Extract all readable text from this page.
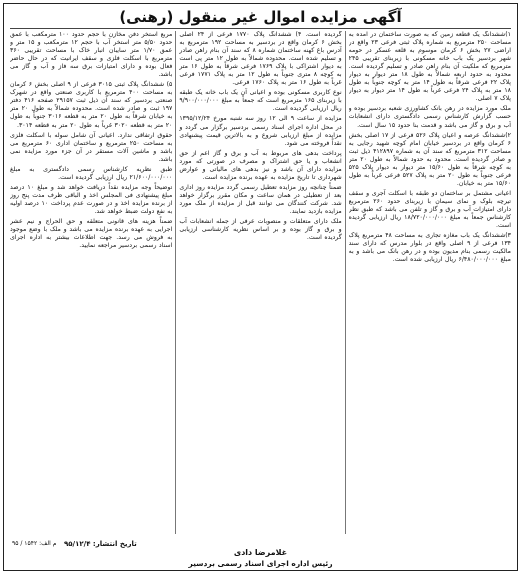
آگهی مزایده اموال غیر منقول (رهنی)

۱)ششدانگ یک قطعه زمین که به صورت ساختمان در آمده به مساحت ۲۵۰ مترمربع به شماره پلاک ثبتی فرعی ۲۳ واقع در اراضی ۲۷ بخش ۶ کرمان موسوم به قلعه عسکر در حومه شهر بردسیر یک باب خانه مسکونی با زیربنای تقریبی ۲۴۵ مترمربع که ملکیت آن بنام راهن صادر و تسلیم گردیده است. محدود به حدود اربعه شمالاً به طول ۱۸ متر دیوار به دیوار پلاک ۲۲ فرعی شرقاً به طول ۱۴ متر به کوچه جنوباً به طول ۱۸ متر به پلاک ۲۴ فرعی غرباً به طول ۱۴ متر دیوار به دیوار پلاک ۷ اصلی.

ملک مورد مزایده در رهن بانک کشاورزی شعبه بردسیر بوده و حسب گزارش کارشناس رسمی دادگستری دارای انشعابات آب و برق و گاز می باشد و قدمت بنا حدود ۱۵ سال است.

۲)ششدانگ عرصه و اعیان پلاک ۵۲۶ فرعی از ۱۷ اصلی بخش ۶ کرمان واقع در بردسیر خیابان امام کوچه شهید رجایی به مساحت ۳۱۲ مترمربع که سند آن به شماره ۴۱۲۸۹۷ ذیل ثبت و صادر گردیده است. محدود به حدود شمالاً به طول ۲۰ متر به کوچه شرقاً به طول ۱۵/۶۰ متر دیوار به دیوار پلاک ۵۲۵ فرعی جنوباً به طول ۲۰ متر به پلاک ۵۲۷ فرعی غرباً به طول ۱۵/۶۰ متر به خیابان.

اعیانی مشتمل بر ساختمان دو طبقه با اسکلت آجری و سقف تیرچه بلوک و نمای سیمان با زیربنای حدود ۲۶۰ مترمربع دارای امتیازات آب و برق و گاز و تلفن می باشد که طبق نظر کارشناس جمعاً به مبلغ ۱۸/۷۲۰/۰۰۰/۰۰۰ ریال ارزیابی گردیده است.

۳)ششدانگ یک باب مغازه تجاری به مساحت ۴۸ مترمربع پلاک ۱۳۴ فرعی از ۹ اصلی واقع در بلوار مدرس که دارای سند مالکیت رسمی بنام مدیون بوده و در رهن بانک می باشد و به مبلغ ۶/۴۸۰/۰۰۰/۰۰۰ ریال ارزیابی شده است.

گردیده است. ۴) ششدانگ پلاک ۱۷۷۰ فرعی از ۲۴ اصلی بخش ۶ کرمان واقع در بردسیر به مساحت ۱۹۲ مترمربع به آدرس باغ کهنه ساختمان شماره ۸ که سند آن بنام راهن صادر و تسلیم شده است. محدوده شمالاً به طول ۱۲ متر پی است به دیوار اشتراکی با پلاک ۱۷۶۹ فرعی شرقاً به طول ۱۶ متر به کوچه ۸ متری جنوباً به طول ۱۲ متر به پلاک ۱۷۷۱ فرعی غرباً به طول ۱۶ متر به پلاک ۱۷۶۰ فرعی.

نوع کاربری مسکونی بوده و اعیانی آن یک باب خانه یک طبقه با زیربنای ۱۶۵ مترمربع است که جمعاً به مبلغ ۹/۹۰۰/۰۰۰/۰۰۰ ریال ارزیابی گردیده است.

مزایده از ساعت ۹ الی ۱۲ روز سه شنبه مورخ ۱۳۹۵/۱۲/۲۴ در محل اداره اجرای اسناد رسمی بردسیر برگزار می گردد و مزایده از مبلغ ارزیابی شروع و به بالاترین قیمت پیشنهادی نقداً فروخته می شود.

پرداخت بدهی های مربوط به آب و برق و گاز اعم از حق انشعاب و یا حق اشتراک و مصرف در صورتی که مورد مزایده دارای آن باشد و نیز بدهی های مالیاتی و عوارض شهرداری تا تاریخ مزایده به عهده برنده مزایده است.

ضمناً چنانچه روز مزایده تعطیل رسمی گردد مزایده روز اداری بعد از تعطیلی در همان ساعت و مکان مقرر برگزار خواهد شد. شرکت کنندگان می توانند قبل از مزایده از ملک مورد مزایده بازدید نمایند.

ملک دارای متعلقات و منصوبات عرفی از جمله انشعابات آب و برق و گاز بوده و بر اساس نظریه کارشناسی ارزیابی گردیده است.

مربع استخر دفن مخازن با حجم حدود ۱۰۰ مترمکعب با عمق حدود ۵/۵۰ متر استخر آب با حجم ۱۲ مترمکعب و ۱۵ متر و عمق ۱/۷۰ متر سایبان انبار خاک با مساحت تقریبی ۳۶۰ مترمربع با اسکلت فلزی و سقف ایرانیت که در حال حاضر فعال بوده و دارای امتیازات برق سه فاز و آب و گاز می باشد.

۵) ششدانگ پلاک ثبتی ۳۰۱۵ فرعی از ۹ اصلی بخش ۶ کرمان به مساحت ۴۰۰ مترمربع با کاربری صنعتی واقع در شهرک صنعتی بردسیر که سند آن ذیل ثبت ۲۹۱۵۷ صفحه ۴۱۶ دفتر ۱۹۷ ثبت و صادر شده است. محدوده شمالاً به طول ۲۰ متر به خیابان شرقاً به طول ۲۰ متر به قطعه ۳۰۱۶ جنوباً به طول ۲۰ متر به قطعه ۳۰۲۰ غرباً به طول ۲۰ متر به قطعه ۳۰۱۴.

حقوق ارتفاقی ندارد. اعیانی آن شامل سوله با اسکلت فلزی به مساحت ۲۵۰ مترمربع و ساختمان اداری ۶۰ مترمربع می باشد و ماشین آلات مستقر در آن جزء مورد مزایده نمی باشد.

طبق نظریه کارشناس رسمی دادگستری به مبلغ ۲۱/۶۰۰/۰۰۰/۰۰۰ ریال ارزیابی گردیده است.

توضیحاً وجه مزایده نقداً دریافت خواهد شد و مبلغ ۱۰ درصد مبلغ پیشنهادی فی المجلس اخذ و الباقی ظرف مدت پنج روز از برنده مزایده اخذ و در صورت عدم پرداخت ۱۰ درصد اولیه به نفع دولت ضبط خواهد شد.

ضمناً هزینه های قانونی متعلقه و حق الحراج و نیم عشر اجرایی به عهده برنده مزایده می باشد و ملک با وضع موجود به فروش می رسد. جهت اطلاعات بیشتر به اداره اجرای اسناد رسمی بردسیر مراجعه نمایید.

م الف: ۱۵۴۲ / ۹۵ تاریخ انتشار: ۹۵/۱۲/۴
غلامرضا دادی
رئیس اداره اجرای اسناد رسمی بردسیر
